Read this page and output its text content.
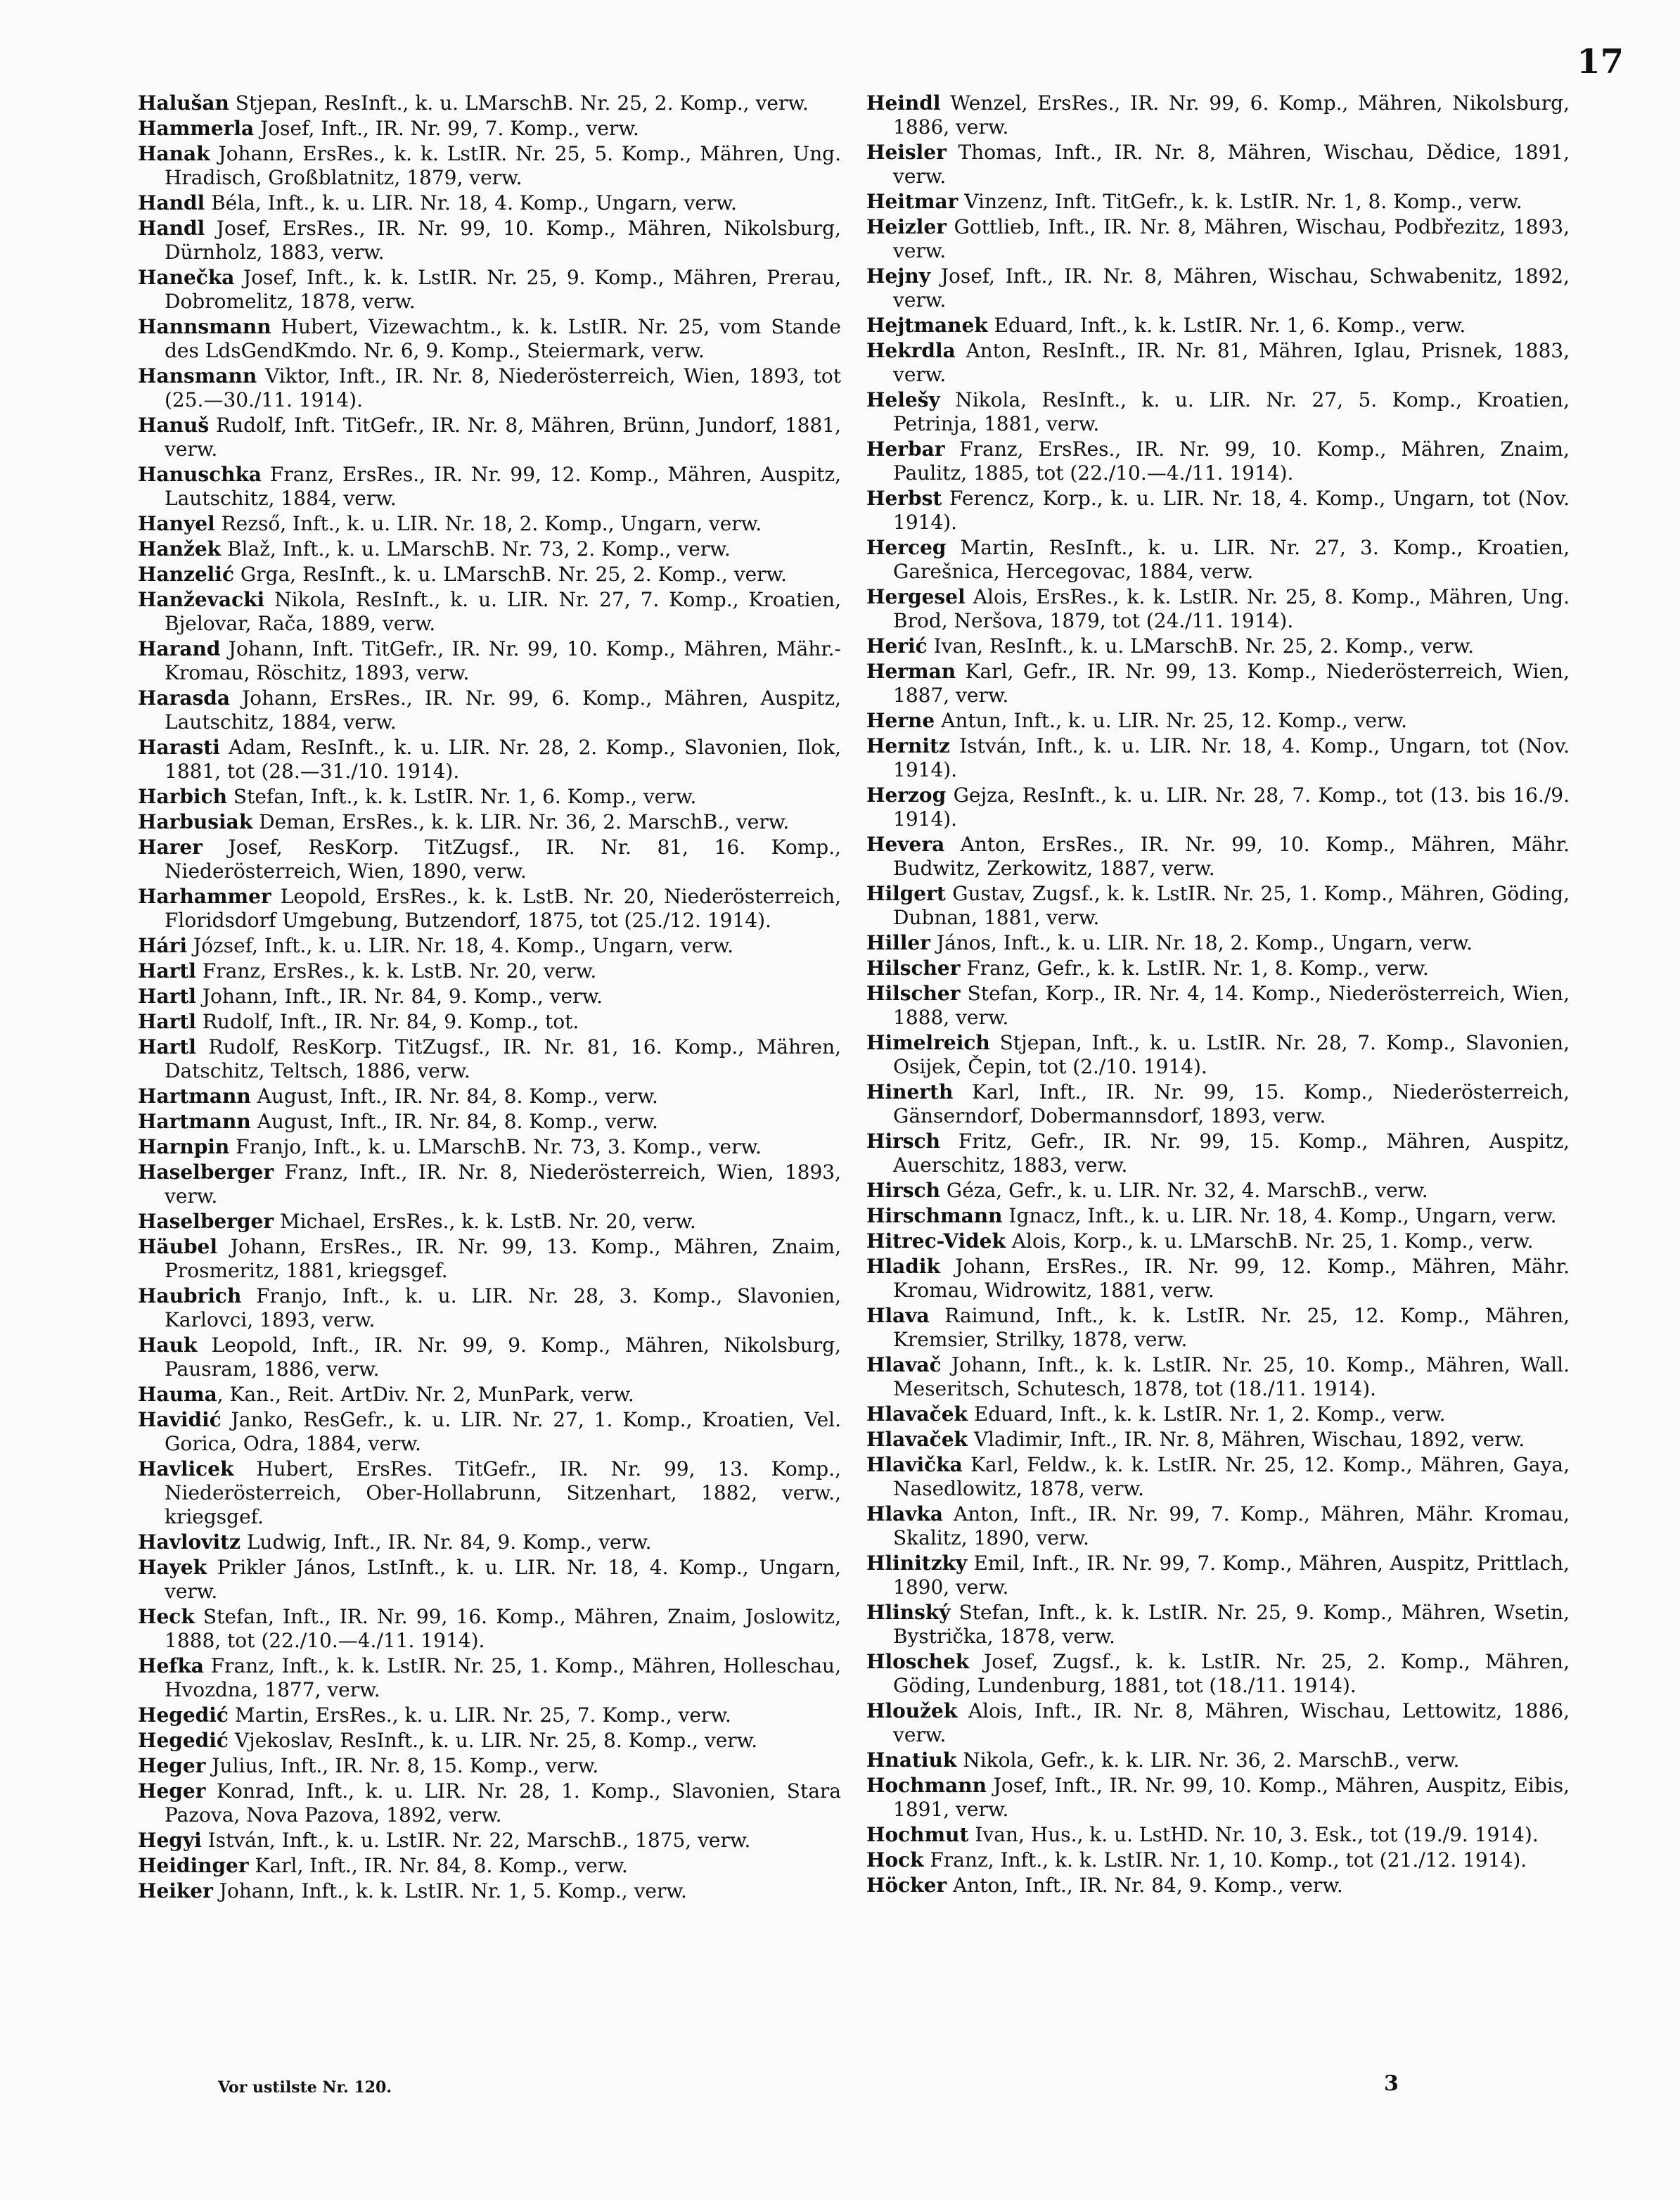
17

Halušan Stjepan, ResInft., k. u. LMarschB. Nr. 25, 2. Komp., verw.

Hammerla Josef, Inft., IR. Nr. 99, 7. Komp., verw.

Hanak Johann, ErsRes., k. k. LstIR. Nr. 25, 5. Komp., Mähren, Ung. Hradisch, Großblatnitz, 1879, verw.

Handl Béla, Inft., k. u. LIR. Nr. 18, 4. Komp., Ungarn, verw.

Handl Josef, ErsRes., IR. Nr. 99, 10. Komp., Mähren, Nikolsburg, Dürnholz, 1883, verw.

Hanečka Josef, Inft., k. k. LstIR. Nr. 25, 9. Komp., Mähren, Prerau, Dobromelitz, 1878, verw.

Hannsmann Hubert, Vizewachtm., k. k. LstIR. Nr. 25, vom Stande des LdsGendKmdo. Nr. 6, 9. Komp., Steiermark, verw.

Hansmann Viktor, Inft., IR. Nr. 8, Niederösterreich, Wien, 1893, tot (25.—30./11. 1914).

Hanuš Rudolf, Inft. TitGefr., IR. Nr. 8, Mähren, Brünn, Jundorf, 1881, verw.

Hanuschka Franz, ErsRes., IR. Nr. 99, 12. Komp., Mähren, Auspitz, Lautschitz, 1884, verw.

Hanyel Rezső, Inft., k. u. LIR. Nr. 18, 2. Komp., Ungarn, verw.

Hanžek Blaž, Inft., k. u. LMarschB. Nr. 73, 2. Komp., verw.

Hanzelić Grga, ResInft., k. u. LMarschB. Nr. 25, 2. Komp., verw.

Hanževacki Nikola, ResInft., k. u. LIR. Nr. 27, 7. Komp., Kroatien, Bjelovar, Rača, 1889, verw.

Harand Johann, Inft. TitGefr., IR. Nr. 99, 10. Komp., Mähren, Mähr.-Kromau, Röschitz, 1893, verw.

Harasda Johann, ErsRes., IR. Nr. 99, 6. Komp., Mähren, Auspitz, Lautschitz, 1884, verw.

Harasti Adam, ResInft., k. u. LIR. Nr. 28, 2. Komp., Slavonien, Ilok, 1881, tot (28.—31./10. 1914).

Harbich Stefan, Inft., k. k. LstIR. Nr. 1, 6. Komp., verw.

Harbusiak Deman, ErsRes., k. k. LIR. Nr. 36, 2. MarschB., verw.

Harer Josef, ResKorp. TitZugsf., IR. Nr. 81, 16. Komp., Niederösterreich, Wien, 1890, verw.

Harhammer Leopold, ErsRes., k. k. LstB. Nr. 20, Niederösterreich, Floridsdorf Umgebung, Butzendorf, 1875, tot (25./12. 1914).

Hári József, Inft., k. u. LIR. Nr. 18, 4. Komp., Ungarn, verw.

Hartl Franz, ErsRes., k. k. LstB. Nr. 20, verw.

Hartl Johann, Inft., IR. Nr. 84, 9. Komp., verw.

Hartl Rudolf, Inft., IR. Nr. 84, 9. Komp., tot.

Hartl Rudolf, ResKorp. TitZugsf., IR. Nr. 81, 16. Komp., Mähren, Datschitz, Teltsch, 1886, verw.

Hartmann August, Inft., IR. Nr. 84, 8. Komp., verw.

Hartmann August, Inft., IR. Nr. 84, 8. Komp., verw.

Harnpin Franjo, Inft., k. u. LMarschB. Nr. 73, 3. Komp., verw.

Haselberger Franz, Inft., IR. Nr. 8, Niederösterreich, Wien, 1893, verw.

Haselberger Michael, ErsRes., k. k. LstB. Nr. 20, verw.

Häubel Johann, ErsRes., IR. Nr. 99, 13. Komp., Mähren, Znaim, Prosmeritz, 1881, kriegsgef.

Haubrich Franjo, Inft., k. u. LIR. Nr. 28, 3. Komp., Slavonien, Karlovci, 1893, verw.

Hauk Leopold, Inft., IR. Nr. 99, 9. Komp., Mähren, Nikolsburg, Pausram, 1886, verw.

Hauma, Kan., Reit. ArtDiv. Nr. 2, MunPark, verw.

Havidić Janko, ResGefr., k. u. LIR. Nr. 27, 1. Komp., Kroatien, Vel. Gorica, Odra, 1884, verw.

Havlicek Hubert, ErsRes. TitGefr., IR. Nr. 99, 13. Komp., Niederösterreich, Ober-Hollabrunn, Sitzenhart, 1882, verw., kriegsgef.

Havlovitz Ludwig, Inft., IR. Nr. 84, 9. Komp., verw.

Hayek Prikler János, LstInft., k. u. LIR. Nr. 18, 4. Komp., Ungarn, verw.

Heck Stefan, Inft., IR. Nr. 99, 16. Komp., Mähren, Znaim, Joslowitz, 1888, tot (22./10.—4./11. 1914).

Hefka Franz, Inft., k. k. LstIR. Nr. 25, 1. Komp., Mähren, Holleschau, Hvozdna, 1877, verw.

Hegedić Martin, ErsRes., k. u. LIR. Nr. 25, 7. Komp., verw.

Hegedić Vjekoslav, ResInft., k. u. LIR. Nr. 25, 8. Komp., verw.

Heger Julius, Inft., IR. Nr. 8, 15. Komp., verw.

Heger Konrad, Inft., k. u. LIR. Nr. 28, 1. Komp., Slavonien, Stara Pazova, Nova Pazova, 1892, verw.

Hegyi István, Inft., k. u. LstIR. Nr. 22, MarschB., 1875, verw.

Heidinger Karl, Inft., IR. Nr. 84, 8. Komp., verw.

Heiker Johann, Inft., k. k. LstIR. Nr. 1, 5. Komp., verw.

Heindl Wenzel, ErsRes., IR. Nr. 99, 6. Komp., Mähren, Nikolsburg, 1886, verw.

Heisler Thomas, Inft., IR. Nr. 8, Mähren, Wischau, Dědice, 1891, verw.

Heitmar Vinzenz, Inft. TitGefr., k. k. LstIR. Nr. 1, 8. Komp., verw.

Heizler Gottlieb, Inft., IR. Nr. 8, Mähren, Wischau, Podbřezitz, 1893, verw.

Hejny Josef, Inft., IR. Nr. 8, Mähren, Wischau, Schwabenitz, 1892, verw.

Hejtmanek Eduard, Inft., k. k. LstIR. Nr. 1, 6. Komp., verw.

Hekrdla Anton, ResInft., IR. Nr. 81, Mähren, Iglau, Prisnek, 1883, verw.

Helešy Nikola, ResInft., k. u. LIR. Nr. 27, 5. Komp., Kroatien, Petrinja, 1881, verw.

Herbar Franz, ErsRes., IR. Nr. 99, 10. Komp., Mähren, Znaim, Paulitz, 1885, tot (22./10.—4./11. 1914).

Herbst Ferencz, Korp., k. u. LIR. Nr. 18, 4. Komp., Ungarn, tot (Nov. 1914).

Herceg Martin, ResInft., k. u. LIR. Nr. 27, 3. Komp., Kroatien, Garešnica, Hercegovac, 1884, verw.

Hergesel Alois, ErsRes., k. k. LstIR. Nr. 25, 8. Komp., Mähren, Ung. Brod, Neršova, 1879, tot (24./11. 1914).

Herić Ivan, ResInft., k. u. LMarschB. Nr. 25, 2. Komp., verw.

Herman Karl, Gefr., IR. Nr. 99, 13. Komp., Niederösterreich, Wien, 1887, verw.

Herne Antun, Inft., k. u. LIR. Nr. 25, 12. Komp., verw.

Hernitz István, Inft., k. u. LIR. Nr. 18, 4. Komp., Ungarn, tot (Nov. 1914).

Herzog Gejza, ResInft., k. u. LIR. Nr. 28, 7. Komp., tot (13. bis 16./9. 1914).

Hevera Anton, ErsRes., IR. Nr. 99, 10. Komp., Mähren, Mähr. Budwitz, Zerkowitz, 1887, verw.

Hilgert Gustav, Zugsf., k. k. LstIR. Nr. 25, 1. Komp., Mähren, Göding, Dubnan, 1881, verw.

Hiller János, Inft., k. u. LIR. Nr. 18, 2. Komp., Ungarn, verw.

Hilscher Franz, Gefr., k. k. LstIR. Nr. 1, 8. Komp., verw.

Hilscher Stefan, Korp., IR. Nr. 4, 14. Komp., Niederösterreich, Wien, 1888, verw.

Himelreich Stjepan, Inft., k. u. LstIR. Nr. 28, 7. Komp., Slavonien, Osijek, Čepin, tot (2./10. 1914).

Hinerth Karl, Inft., IR. Nr. 99, 15. Komp., Niederösterreich, Gänserndorf, Dobermannsdorf, 1893, verw.

Hirsch Fritz, Gefr., IR. Nr. 99, 15. Komp., Mähren, Auspitz, Auerschitz, 1883, verw.

Hirsch Géza, Gefr., k. u. LIR. Nr. 32, 4. MarschB., verw.

Hirschmann Ignacz, Inft., k. u. LIR. Nr. 18, 4. Komp., Ungarn, verw.

Hitrec-Videk Alois, Korp., k. u. LMarschB. Nr. 25, 1. Komp., verw.

Hladik Johann, ErsRes., IR. Nr. 99, 12. Komp., Mähren, Mähr. Kromau, Widrowitz, 1881, verw.

Hlava Raimund, Inft., k. k. LstIR. Nr. 25, 12. Komp., Mähren, Kremsier, Strilky, 1878, verw.

Hlavač Johann, Inft., k. k. LstIR. Nr. 25, 10. Komp., Mähren, Wall. Meseritsch, Schutesch, 1878, tot (18./11. 1914).

Hlavaček Eduard, Inft., k. k. LstIR. Nr. 1, 2. Komp., verw.

Hlavaček Vladimir, Inft., IR. Nr. 8, Mähren, Wischau, 1892, verw.

Hlavička Karl, Feldw., k. k. LstIR. Nr. 25, 12. Komp., Mähren, Gaya, Nasedlowitz, 1878, verw.

Hlavka Anton, Inft., IR. Nr. 99, 7. Komp., Mähren, Mähr. Kromau, Skalitz, 1890, verw.

Hlinitzky Emil, Inft., IR. Nr. 99, 7. Komp., Mähren, Auspitz, Prittlach, 1890, verw.

Hlinský Stefan, Inft., k. k. LstIR. Nr. 25, 9. Komp., Mähren, Wsetin, Bystrička, 1878, verw.

Hloschek Josef, Zugsf., k. k. LstIR. Nr. 25, 2. Komp., Mähren, Göding, Lundenburg, 1881, tot (18./11. 1914).

Hloužek Alois, Inft., IR. Nr. 8, Mähren, Wischau, Lettowitz, 1886, verw.

Hnatiuk Nikola, Gefr., k. k. LIR. Nr. 36, 2. MarschB., verw.

Hochmann Josef, Inft., IR. Nr. 99, 10. Komp., Mähren, Auspitz, Eibis, 1891, verw.

Hochmut Ivan, Hus., k. u. LstHD. Nr. 10, 3. Esk., tot (19./9. 1914).

Hock Franz, Inft., k. k. LstIR. Nr. 1, 10. Komp., tot (21./12. 1914).

Höcker Anton, Inft., IR. Nr. 84, 9. Komp., verw.

Vor ustilste Nr. 120.	3
